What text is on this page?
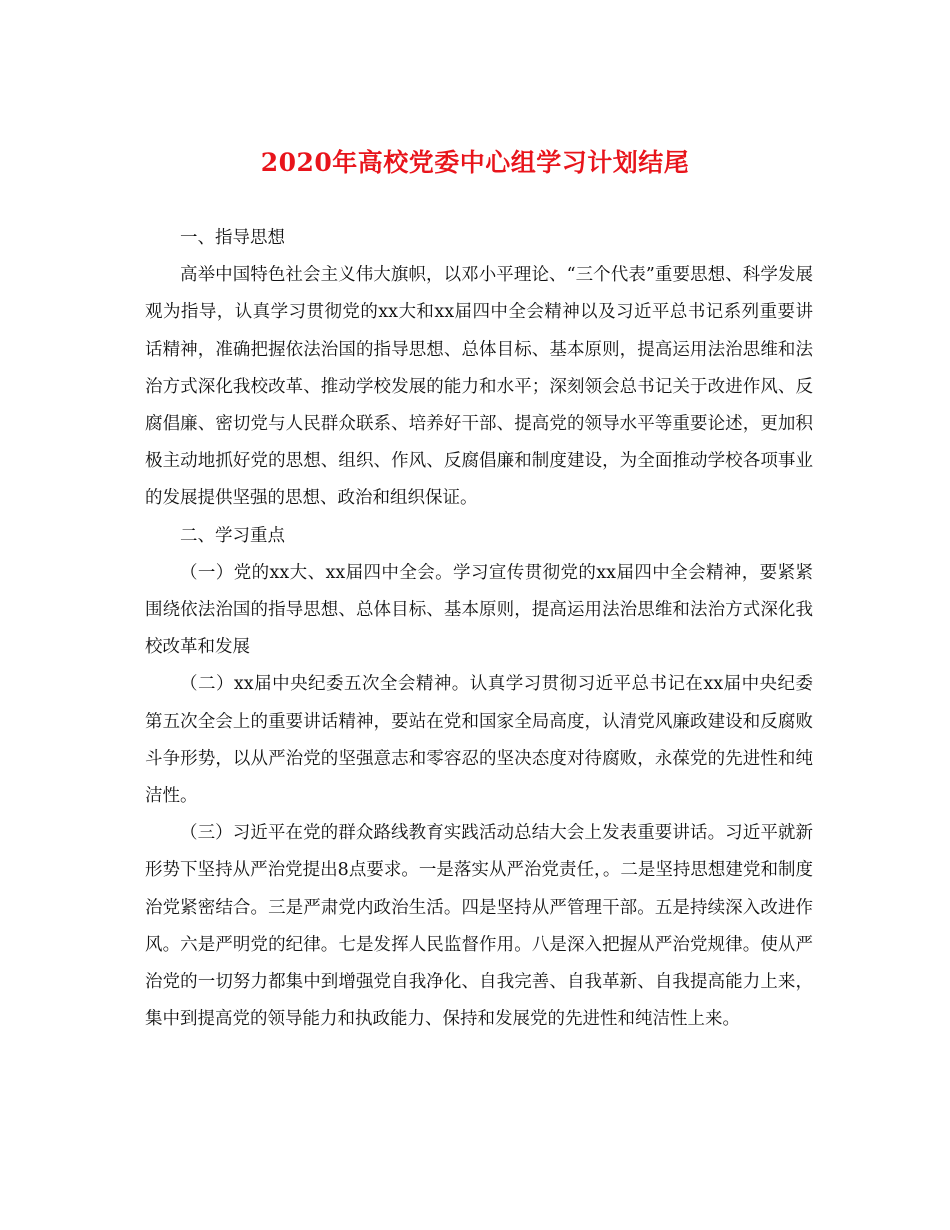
2020年高校党委中心组学习计划结尾

一、指导思想

高举中国特色社会主义伟大旗帜，以邓小平理论、“三个代表”重要思想、科学发展观为指导，认真学习贯彻党的xx大和xx届四中全会精神以及习近平总书记系列重要讲话精神，准确把握依法治国的指导思想、总体目标、基本原则，提高运用法治思维和法治方式深化我校改革、推动学校发展的能力和水平；深刻领会总书记关于改进作风、反腐倡廉、密切党与人民群众联系、培养好干部、提高党的领导水平等重要论述，更加积极主动地抓好党的思想、组织、作风、反腐倡廉和制度建设，为全面推动学校各项事业的发展提供坚强的思想、政治和组织保证。

二、学习重点

（一）党的xx大、xx届四中全会。学习宣传贯彻党的xx届四中全会精神，要紧紧围绕依法治国的指导思想、总体目标、基本原则，提高运用法治思维和法治方式深化我校改革和发展

（二）xx届中央纪委五次全会精神。认真学习贯彻习近平总书记在xx届中央纪委第五次全会上的重要讲话精神，要站在党和国家全局高度，认清党风廉政建设和反腐败斗争形势，以从严治党的坚强意志和零容忍的坚决态度对待腐败，永葆党的先进性和纯洁性。

（三）习近平在党的群众路线教育实践活动总结大会上发表重要讲话。习近平就新形势下坚持从严治党提出8点要求。一是落实从严治党责任，。二是坚持思想建党和制度治党紧密结合。三是严肃党内政治生活。四是坚持从严管理干部。五是持续深入改进作风。六是严明党的纪律。七是发挥人民监督作用。八是深入把握从严治党规律。使从严治党的一切努力都集中到增强党自我净化、自我完善、自我革新、自我提高能力上来，集中到提高党的领导能力和执政能力、保持和发展党的先进性和纯洁性上来。
